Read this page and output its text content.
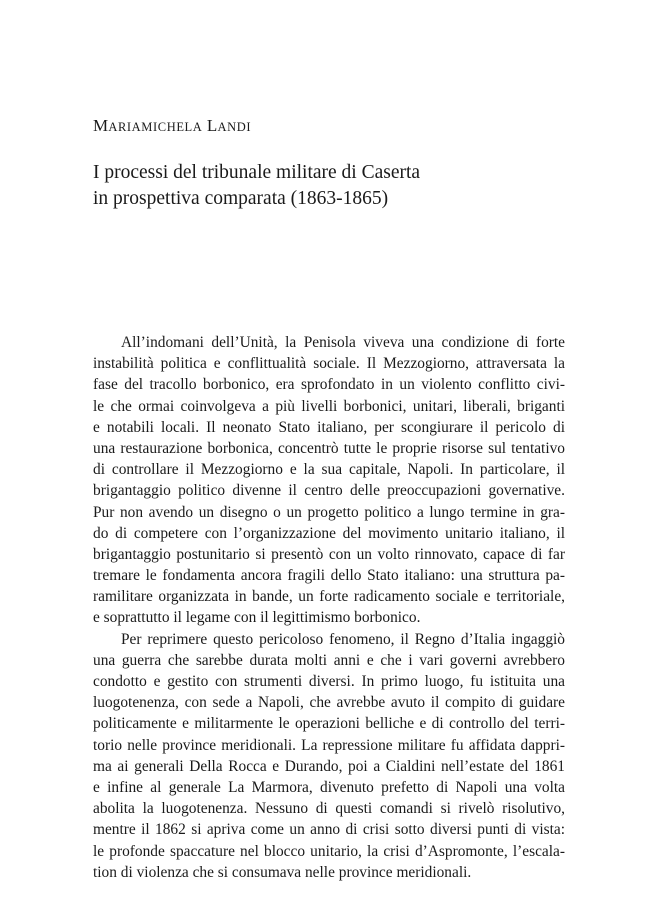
MARIAMICHELA LANDI
I processi del tribunale militare di Caserta
in prospettiva comparata (1863-1865)
All’indomani dell’Unità, la Penisola viveva una condizione di forte
instabilità politica e conflittualità sociale. Il Mezzogiorno, attraversata la
fase del tracollo borbonico, era sprofondato in un violento conflitto civi-
le che ormai coinvolgeva a più livelli borbonici, unitari, liberali, briganti
e notabili locali. Il neonato Stato italiano, per scongiurare il pericolo di
una restaurazione borbonica, concentrò tutte le proprie risorse sul tentativo
di controllare il Mezzogiorno e la sua capitale, Napoli. In particolare, il
brigantaggio politico divenne il centro delle preoccupazioni governative.
Pur non avendo un disegno o un progetto politico a lungo termine in gra-
do di competere con l’organizzazione del movimento unitario italiano, il
brigantaggio postunitario si presentò con un volto rinnovato, capace di far
tremare le fondamenta ancora fragili dello Stato italiano: una struttura pa-
ramilitare organizzata in bande, un forte radicamento sociale e territoriale,
e soprattutto il legame con il legittimismo borbonico.
Per reprimere questo pericoloso fenomeno, il Regno d’Italia ingaggiò
una guerra che sarebbe durata molti anni e che i vari governi avrebbero
condotto e gestito con strumenti diversi. In primo luogo, fu istituita una
luogotenenza, con sede a Napoli, che avrebbe avuto il compito di guidare
politicamente e militarmente le operazioni belliche e di controllo del terri-
torio nelle province meridionali. La repressione militare fu affidata dappri-
ma ai generali Della Rocca e Durando, poi a Cialdini nell’estate del 1861
e infine al generale La Marmora, divenuto prefetto di Napoli una volta
abolita la luogotenenza. Nessuno di questi comandi si rivelò risolutivo,
mentre il 1862 si apriva come un anno di crisi sotto diversi punti di vista:
le profonde spaccature nel blocco unitario, la crisi d’Aspromonte, l’escala-
tion di violenza che si consumava nelle province meridionali.
